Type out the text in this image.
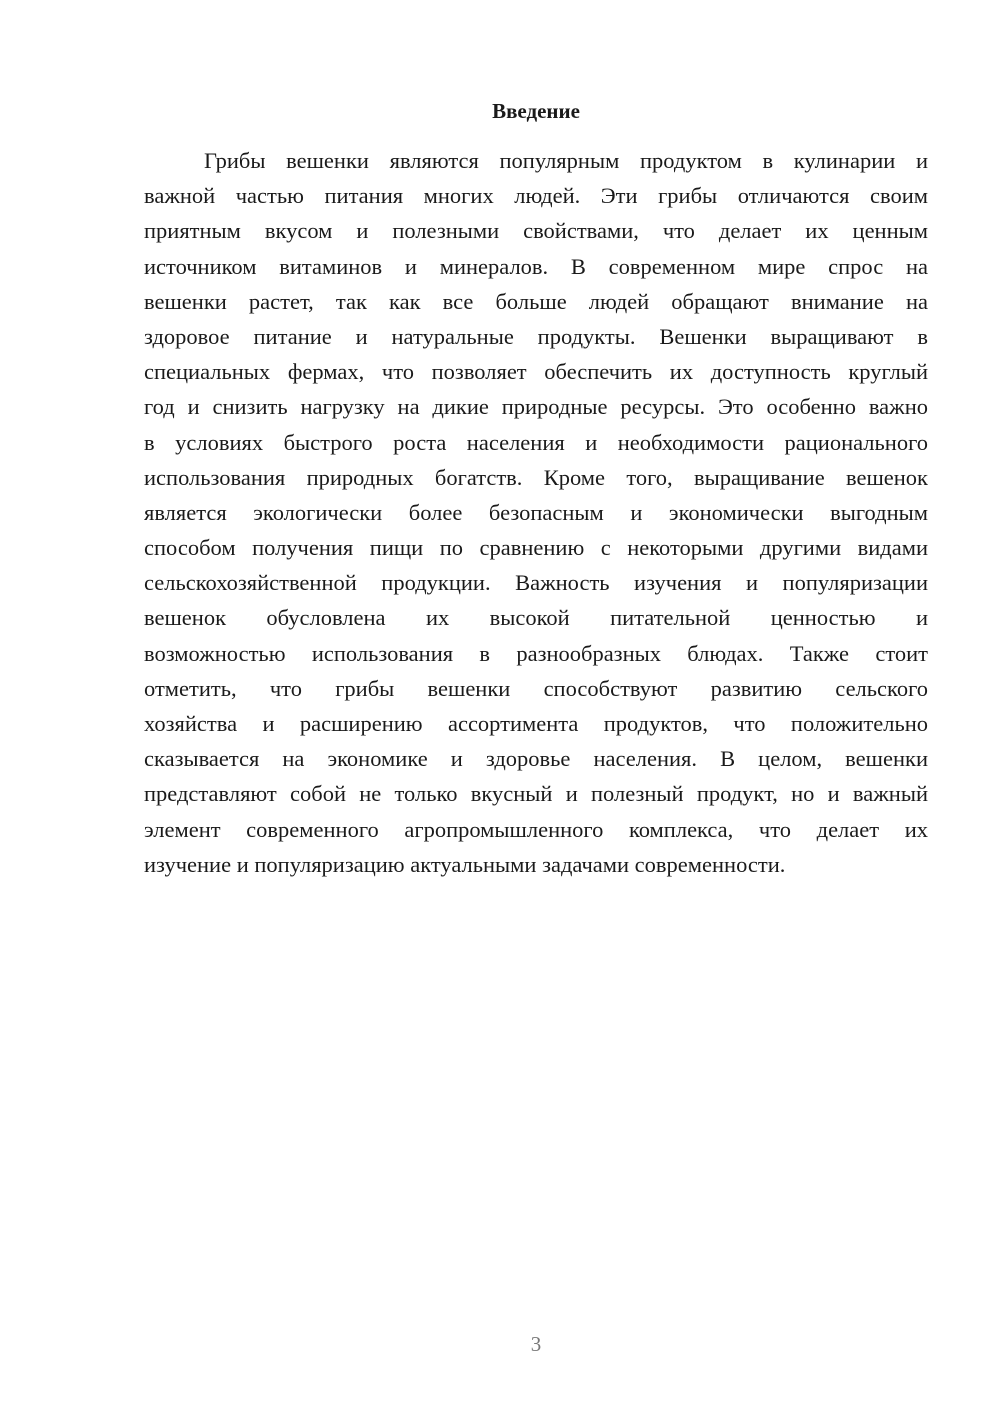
Введение
Грибы вешенки являются популярным продуктом в кулинарии и
важной частью питания многих людей. Эти грибы отличаются своим
приятным вкусом и полезными свойствами, что делает их ценным
источником витаминов и минералов. В современном мире спрос на
вешенки растет, так как все больше людей обращают внимание на
здоровое питание и натуральные продукты. Вешенки выращивают в
специальных фермах, что позволяет обеспечить их доступность круглый
год и снизить нагрузку на дикие природные ресурсы. Это особенно важно
в условиях быстрого роста населения и необходимости рационального
использования природных богатств. Кроме того, выращивание вешенок
является экологически более безопасным и экономически выгодным
способом получения пищи по сравнению с некоторыми другими видами
сельскохозяйственной продукции. Важность изучения и популяризации
вешенок обусловлена их высокой питательной ценностью и
возможностью использования в разнообразных блюдах. Также стоит
отметить, что грибы вешенки способствуют развитию сельского
хозяйства и расширению ассортимента продуктов, что положительно
сказывается на экономике и здоровье населения. В целом, вешенки
представляют собой не только вкусный и полезный продукт, но и важный
элемент современного агропромышленного комплекса, что делает их
изучение и популяризацию актуальными задачами современности.
3
